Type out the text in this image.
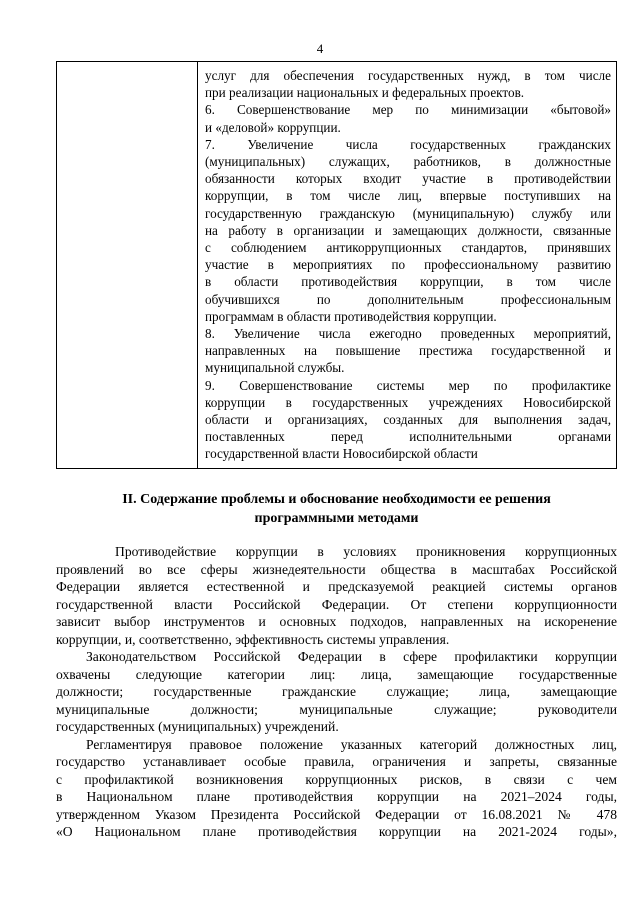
4

услуг для обеспечения государственных нужд, в том числе

при реализации национальных и федеральных проектов.

6. Совершенствование мер по минимизации «бытовой»

и «деловой» коррупции.

7. Увеличение числа государственных гражданских

(муниципальных) служащих, работников, в должностные

обязанности которых входит участие в противодействии

коррупции, в том числе лиц, впервые поступивших на

государственную гражданскую (муниципальную) службу или

на работу в организации и замещающих должности, связанные

с соблюдением антикоррупционных стандартов, принявших

участие в мероприятиях по профессиональному развитию

в области противодействия коррупции, в том числе

обучившихся по дополнительным профессиональным

программам в области противодействия коррупции.

8. Увеличение числа ежегодно проведенных мероприятий,

направленных на повышение престижа государственной и

муниципальной службы.

9. Совершенствование системы мер по профилактике

коррупции в государственных учреждениях Новосибирской

области и организациях, созданных для выполнения задач,

поставленных перед исполнительными органами

государственной власти Новосибирской области

II. Содержание проблемы и обоснование необходимости ее решения

программными методами

Противодействие коррупции в условиях проникновения коррупционных

проявлений во все сферы жизнедеятельности общества в масштабах Российской

Федерации является естественной и предсказуемой реакцией системы органов

государственной власти Российской Федерации. От степени коррупционности

зависит выбор инструментов и основных подходов, направленных на искоренение

коррупции, и, соответственно, эффективность системы управления.

Законодательством Российской Федерации в сфере профилактики коррупции

охвачены следующие категории лиц: лица, замещающие государственные

должности; государственные гражданские служащие; лица, замещающие

муниципальные должности; муниципальные служащие; руководители

государственных (муниципальных) учреждений.

Регламентируя правовое положение указанных категорий должностных лиц,

государство устанавливает особые правила, ограничения и запреты, связанные

с профилактикой возникновения коррупционных рисков, в связи с чем

в Национальном плане противодействия коррупции на 2021–2024 годы,

утвержденном Указом Президента Российской Федерации от 16.08.2021 № 478

«О Национальном плане противодействия коррупции на 2021-2024 годы»,
